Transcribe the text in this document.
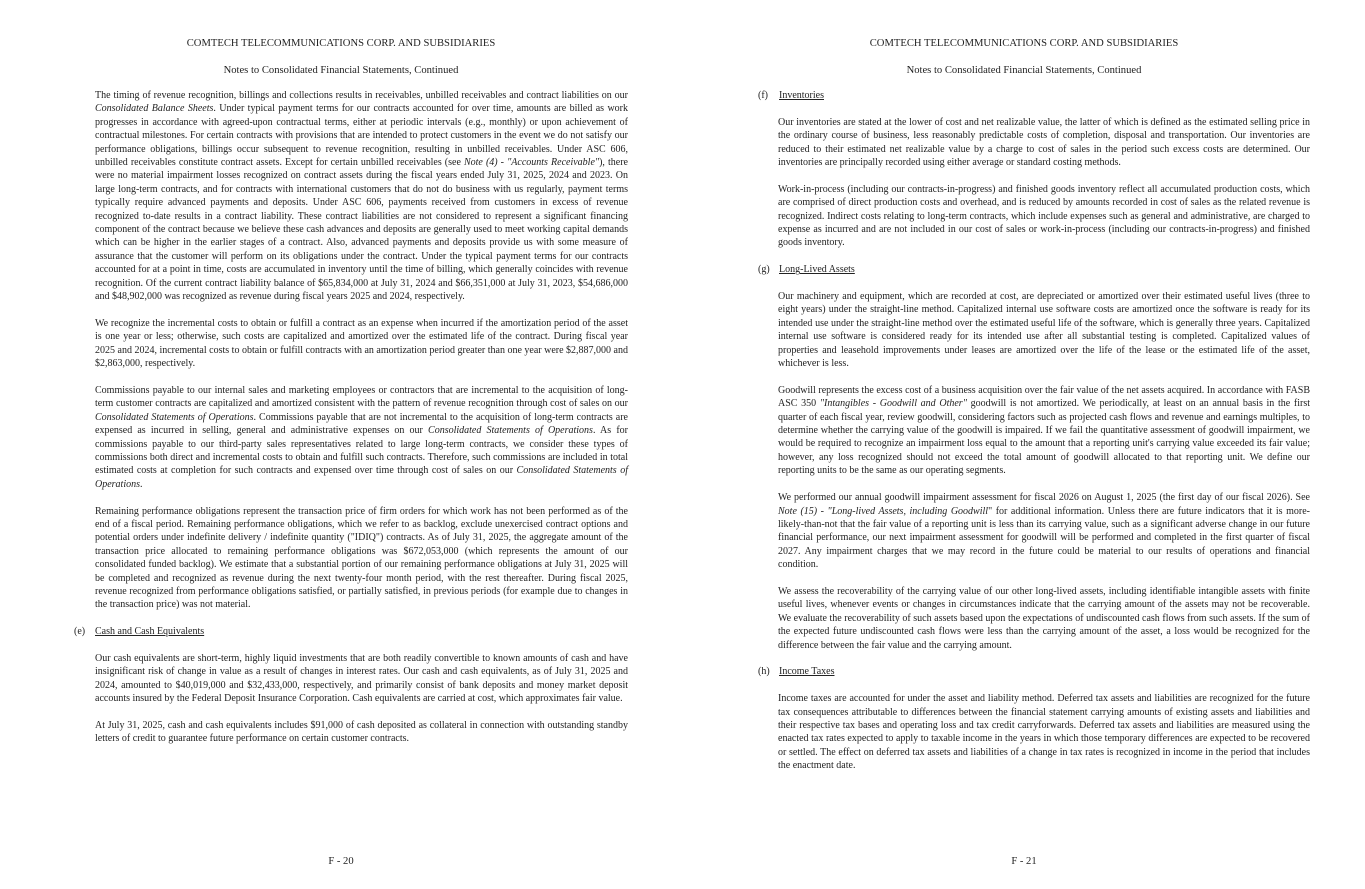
COMTECH TELECOMMUNICATIONS CORP. AND SUBSIDIARIES
Notes to Consolidated Financial Statements, Continued

The timing of revenue recognition, billings and collections results in receivables, unbilled receivables and contract liabilities on our Consolidated Balance Sheets. Under typical payment terms for our contracts accounted for over time, amounts are billed as work progresses in accordance with agreed-upon contractual terms, either at periodic intervals (e.g., monthly) or upon achievement of contractual milestones. For certain contracts with provisions that are intended to protect customers in the event we do not satisfy our performance obligations, billings occur subsequent to revenue recognition, resulting in unbilled receivables. Under ASC 606, unbilled receivables constitute contract assets. Except for certain unbilled receivables (see Note (4) - "Accounts Receivable"), there were no material impairment losses recognized on contract assets during the fiscal years ended July 31, 2025, 2024 and 2023. On large long-term contracts, and for contracts with international customers that do not do business with us regularly, payment terms typically require advanced payments and deposits. Under ASC 606, payments received from customers in excess of revenue recognized to-date results in a contract liability. These contract liabilities are not considered to represent a significant financing component of the contract because we believe these cash advances and deposits are generally used to meet working capital demands which can be higher in the earlier stages of a contract. Also, advanced payments and deposits provide us with some measure of assurance that the customer will perform on its obligations under the contract. Under the typical payment terms for our contracts accounted for at a point in time, costs are accumulated in inventory until the time of billing, which generally coincides with revenue recognition. Of the current contract liability balance of $65,834,000 at July 31, 2024 and $66,351,000 at July 31, 2023, $54,686,000 and $48,902,000 was recognized as revenue during fiscal years 2025 and 2024, respectively.

We recognize the incremental costs to obtain or fulfill a contract as an expense when incurred if the amortization period of the asset is one year or less; otherwise, such costs are capitalized and amortized over the estimated life of the contract. During fiscal year 2025 and 2024, incremental costs to obtain or fulfill contracts with an amortization period greater than one year were $2,887,000 and $2,863,000, respectively.

Commissions payable to our internal sales and marketing employees or contractors that are incremental to the acquisition of long-term customer contracts are capitalized and amortized consistent with the pattern of revenue recognition through cost of sales on our Consolidated Statements of Operations. Commissions payable that are not incremental to the acquisition of long-term contracts are expensed as incurred in selling, general and administrative expenses on our Consolidated Statements of Operations. As for commissions payable to our third-party sales representatives related to large long-term contracts, we consider these types of commissions both direct and incremental costs to obtain and fulfill such contracts. Therefore, such commissions are included in total estimated costs at completion for such contracts and expensed over time through cost of sales on our Consolidated Statements of Operations.

Remaining performance obligations represent the transaction price of firm orders for which work has not been performed as of the end of a fiscal period. Remaining performance obligations, which we refer to as backlog, exclude unexercised contract options and potential orders under indefinite delivery / indefinite quantity ("IDIQ") contracts. As of July 31, 2025, the aggregate amount of the transaction price allocated to remaining performance obligations was $672,053,000 (which represents the amount of our consolidated funded backlog). We estimate that a substantial portion of our remaining performance obligations at July 31, 2025 will be completed and recognized as revenue during the next twenty-four month period, with the rest thereafter. During fiscal 2025, revenue recognized from performance obligations satisfied, or partially satisfied, in previous periods (for example due to changes in the transaction price) was not material.

(e) Cash and Cash Equivalents

Our cash equivalents are short-term, highly liquid investments that are both readily convertible to known amounts of cash and have insignificant risk of change in value as a result of changes in interest rates. Our cash and cash equivalents, as of July 31, 2025 and 2024, amounted to $40,019,000 and $32,433,000, respectively, and primarily consist of bank deposits and money market deposit accounts insured by the Federal Deposit Insurance Corporation. Cash equivalents are carried at cost, which approximates fair value.

At July 31, 2025, cash and cash equivalents includes $91,000 of cash deposited as collateral in connection with outstanding standby letters of credit to guarantee future performance on certain customer contracts.

F - 20
COMTECH TELECOMMUNICATIONS CORP. AND SUBSIDIARIES
Notes to Consolidated Financial Statements, Continued
(f)	Inventories

Our inventories are stated at the lower of cost and net realizable value, the latter of which is defined as the estimated selling price in the ordinary course of business, less reasonably predictable costs of completion, disposal and transportation. Our inventories are reduced to their estimated net realizable value by a charge to cost of sales in the period such excess costs are determined. Our inventories are principally recorded using either average or standard costing methods.

Work-in-process (including our contracts-in-progress) and finished goods inventory reflect all accumulated production costs, which are comprised of direct production costs and overhead, and is reduced by amounts recorded in cost of sales as the related revenue is recognized. Indirect costs relating to long-term contracts, which include expenses such as general and administrative, are charged to expense as incurred and are not included in our cost of sales or work-in-process (including our contracts-in-progress) and finished goods inventory.

(g) Long-Lived Assets

Our machinery and equipment, which are recorded at cost, are depreciated or amortized over their estimated useful lives (three to eight years) under the straight-line method. Capitalized internal use software costs are amortized once the software is ready for its intended use under the straight-line method over the estimated useful life of the software, which is generally three years. Capitalized internal use software is considered ready for its intended use after all substantial testing is completed. Capitalized values of properties and leasehold improvements under leases are amortized over the life of the lease or the estimated life of the asset, whichever is less.

Goodwill represents the excess cost of a business acquisition over the fair value of the net assets acquired. In accordance with FASB ASC 350 "Intangibles - Goodwill and Other" goodwill is not amortized. We periodically, at least on an annual basis in the first quarter of each fiscal year, review goodwill, considering factors such as projected cash flows and revenue and earnings multiples, to determine whether the carrying value of the goodwill is impaired. If we fail the quantitative assessment of goodwill impairment, we would be required to recognize an impairment loss equal to the amount that a reporting unit's carrying value exceeded its fair value; however, any loss recognized should not exceed the total amount of goodwill allocated to that reporting unit. We define our reporting units to be the same as our operating segments.

We performed our annual goodwill impairment assessment for fiscal 2026 on August 1, 2025 (the first day of our fiscal 2026). See Note (15) - "Long-lived Assets, including Goodwill" for additional information. Unless there are future indicators that it is more-likely-than-not that the fair value of a reporting unit is less than its carrying value, such as a significant adverse change in our future financial performance, our next impairment assessment for goodwill will be performed and completed in the first quarter of fiscal 2027. Any impairment charges that we may record in the future could be material to our results of operations and financial condition.

We assess the recoverability of the carrying value of our other long-lived assets, including identifiable intangible assets with finite useful lives, whenever events or changes in circumstances indicate that the carrying amount of the assets may not be recoverable. We evaluate the recoverability of such assets based upon the expectations of undiscounted cash flows from such assets. If the sum of the expected future undiscounted cash flows were less than the carrying amount of the asset, a loss would be recognized for the difference between the fair value and the carrying amount.

(h) Income Taxes

Income taxes are accounted for under the asset and liability method. Deferred tax assets and liabilities are recognized for the future tax consequences attributable to differences between the financial statement carrying amounts of existing assets and liabilities and their respective tax bases and operating loss and tax credit carryforwards. Deferred tax assets and liabilities are measured using the enacted tax rates expected to apply to taxable income in the years in which those temporary differences are expected to be recovered or settled. The effect on deferred tax assets and liabilities of a change in tax rates is recognized in income in the period that includes the enactment date.

F - 21
